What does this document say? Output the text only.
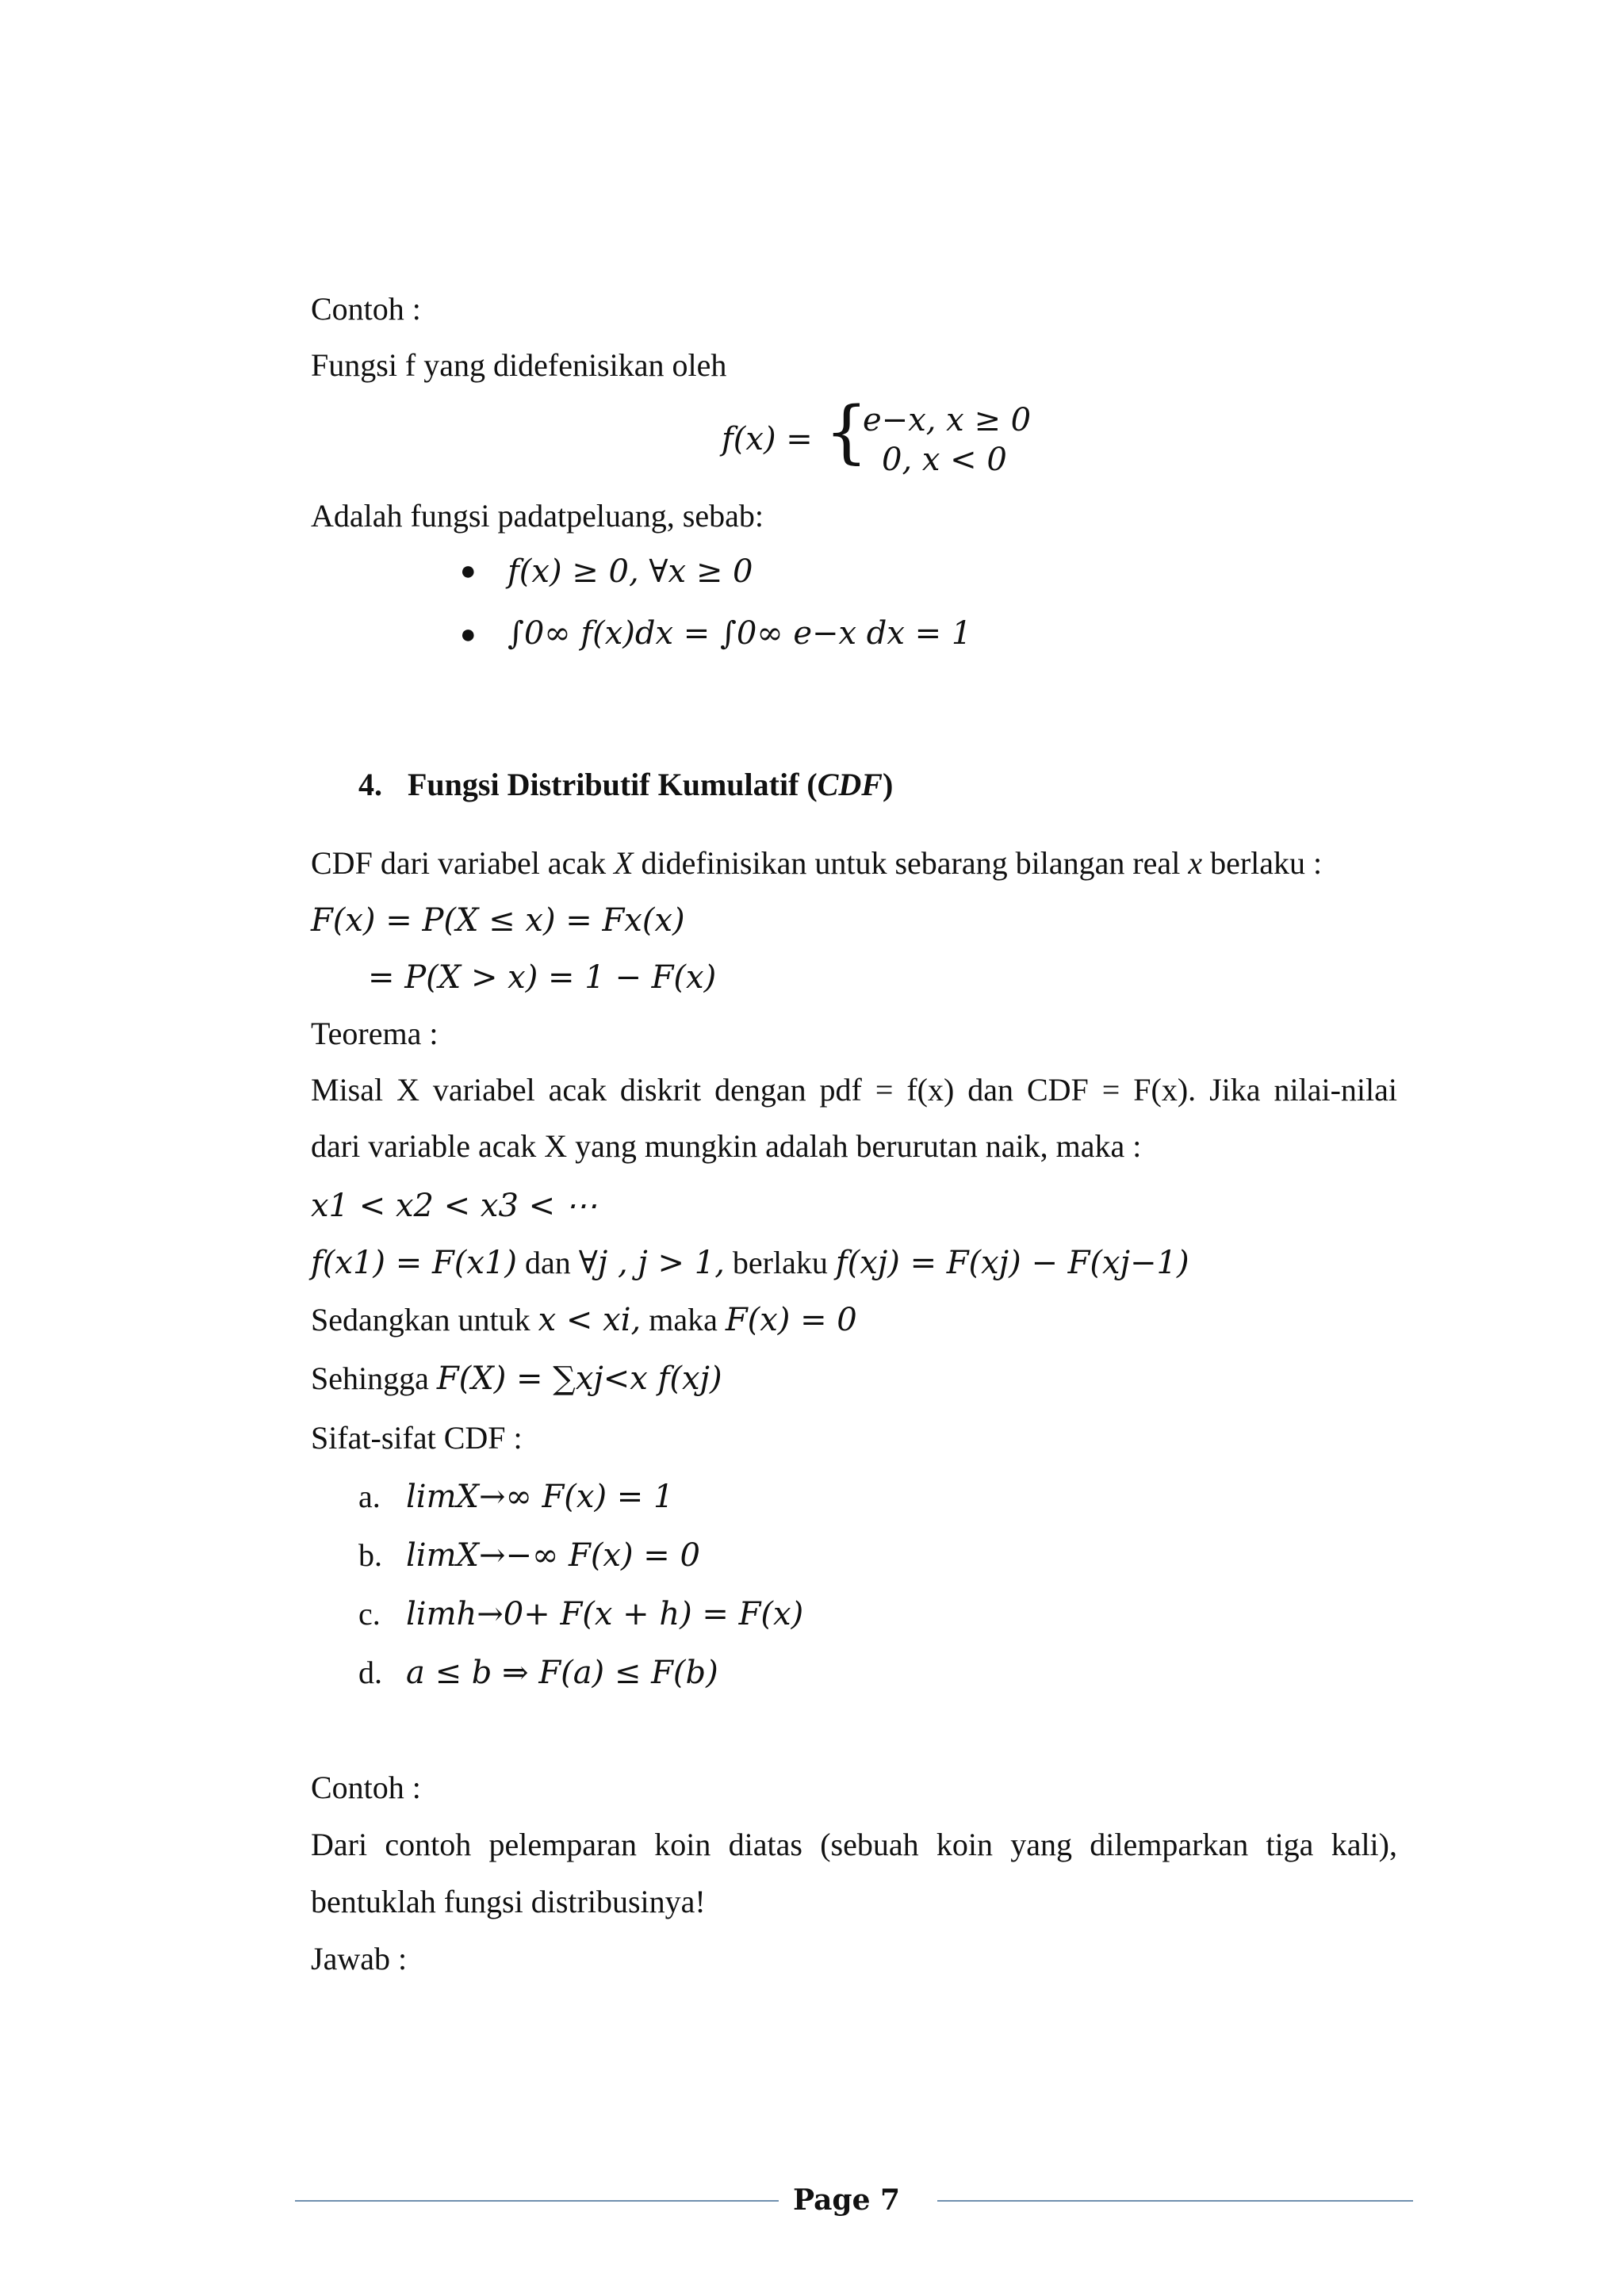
Contoh :
Fungsi f yang didefenisikan oleh
f(x) = {
e−x, x ≥ 0
0, x < 0
Adalah fungsi padatpeluang, sebab:
● f(x) ≥ 0, ∀x ≥ 0
● ∫0∞ f(x)dx = ∫0∞ e−x dx = 1
4. Fungsi Distributif Kumulatif (CDF)
CDF dari variabel acak X didefinisikan untuk sebarang bilangan real x berlaku :
F(x) = P(X ≤ x) = Fx(x)
= P(X > x) = 1 − F(x)
Teorema :
Misal X variabel acak diskrit dengan pdf = f(x) dan CDF = F(x). Jika nilai-nilai
dari variable acak X yang mungkin adalah berurutan naik, maka :
x1 < x2 < x3 < ⋯
f(x1) = F(x1) dan ∀j , j > 1, berlaku f(xj) = F(xj) − F(xj−1)
Sedangkan untuk x < xi, maka F(x) = 0
Sehingga F(X) = ∑xj<x f(xj)
Sifat-sifat CDF :
a. limX→∞ F(x) = 1
b. limX→−∞ F(x) = 0
c. limh→0+ F(x + h) = F(x)
d. a ≤ b ⇒ F(a) ≤ F(b)
Contoh :
Dari contoh pelemparan koin diatas (sebuah koin yang dilemparkan tiga kali),
bentuklah fungsi distribusinya!
Jawab :
Page 7
